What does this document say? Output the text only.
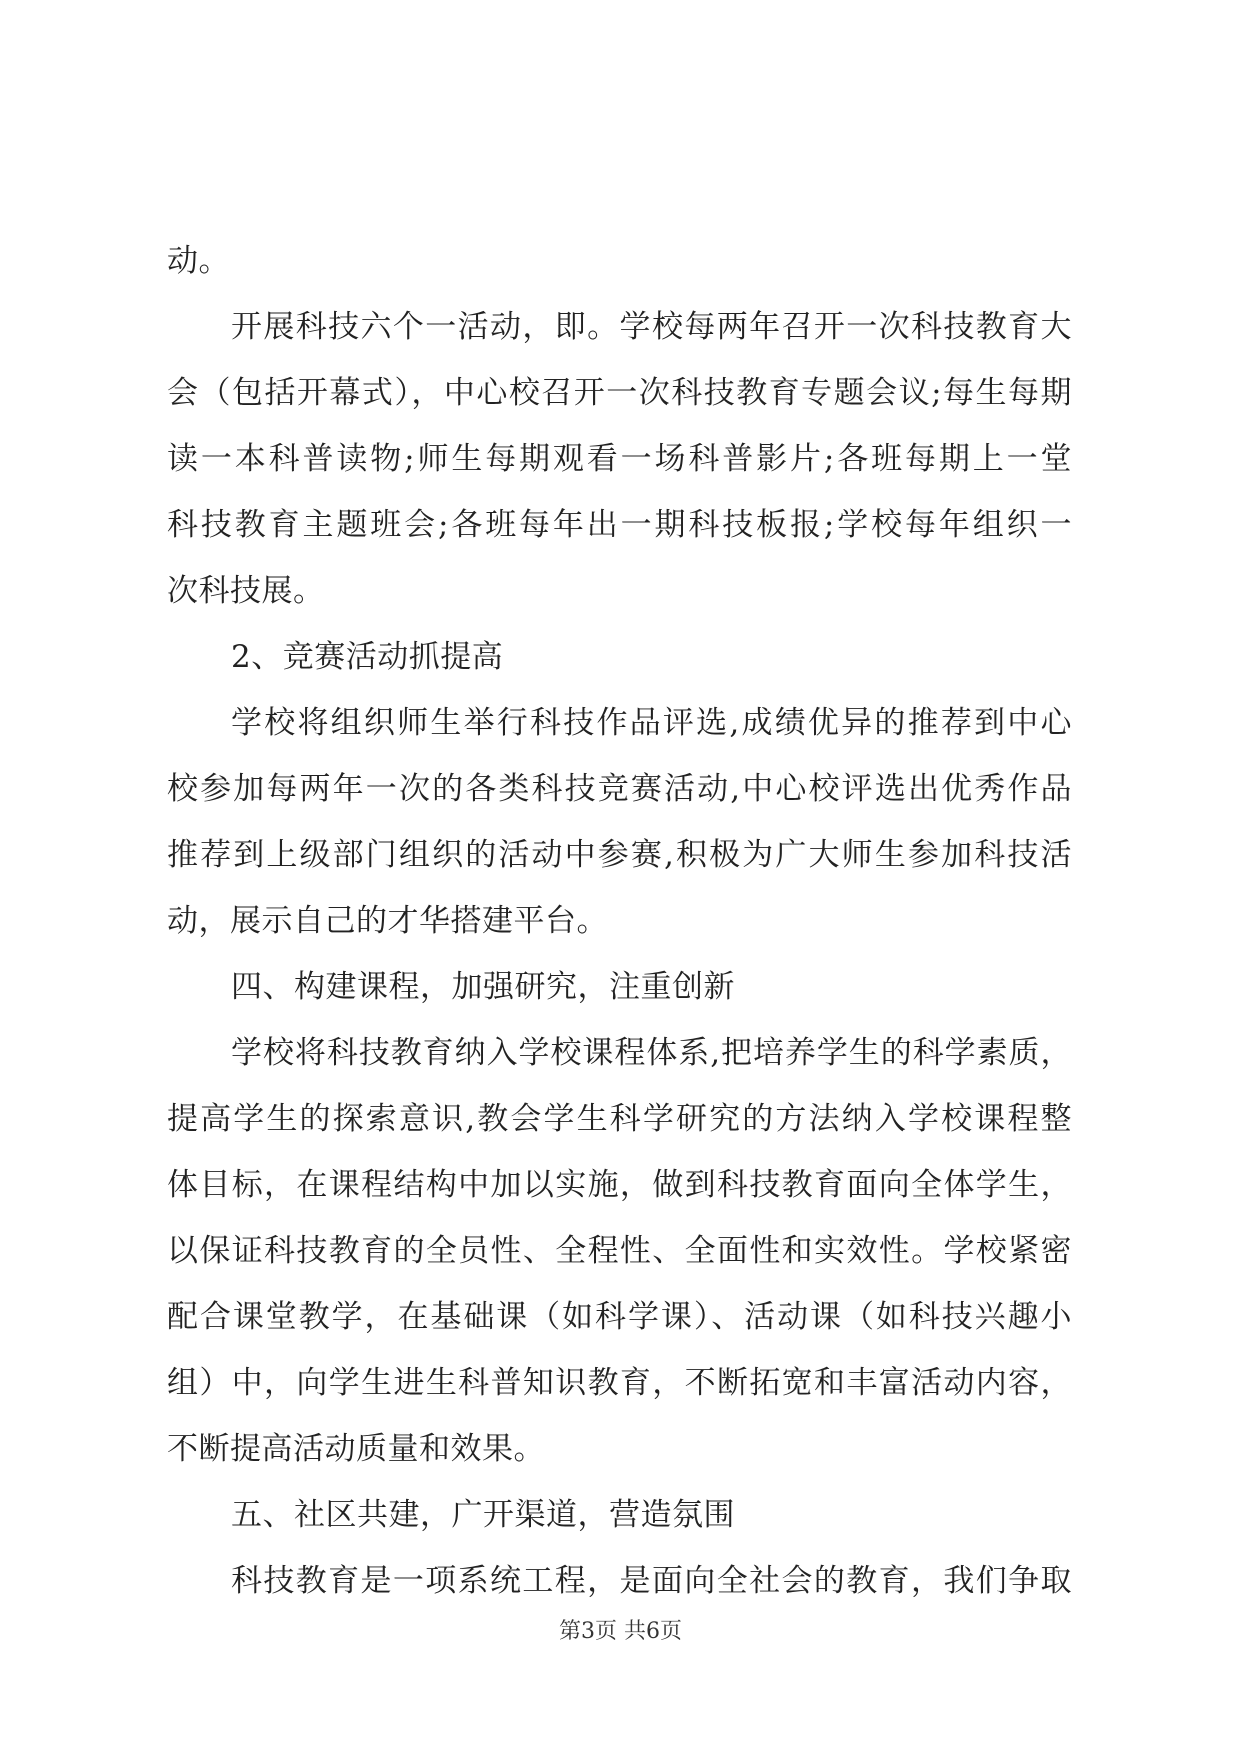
动。
开展科技六个一活动，即。学校每两年召开一次科技教育大
会（包括开幕式），中心校召开一次科技教育专题会议;每生每期
读一本科普读物;师生每期观看一场科普影片;各班每期上一堂
科技教育主题班会;各班每年出一期科技板报;学校每年组织一
次科技展。
2、竞赛活动抓提高
学校将组织师生举行科技作品评选,成绩优异的推荐到中心
校参加每两年一次的各类科技竞赛活动,中心校评选出优秀作品
推荐到上级部门组织的活动中参赛,积极为广大师生参加科技活
动，展示自己的才华搭建平台。
四、构建课程，加强研究，注重创新
学校将科技教育纳入学校课程体系,把培养学生的科学素质，
提高学生的探索意识,教会学生科学研究的方法纳入学校课程整
体目标，在课程结构中加以实施，做到科技教育面向全体学生，
以保证科技教育的全员性、全程性、全面性和实效性。学校紧密
配合课堂教学，在基础课（如科学课）、活动课（如科技兴趣小
组）中，向学生进生科普知识教育，不断拓宽和丰富活动内容，
不断提高活动质量和效果。
五、社区共建，广开渠道，营造氛围
科技教育是一项系统工程，是面向全社会的教育，我们争取
第3页 共6页
